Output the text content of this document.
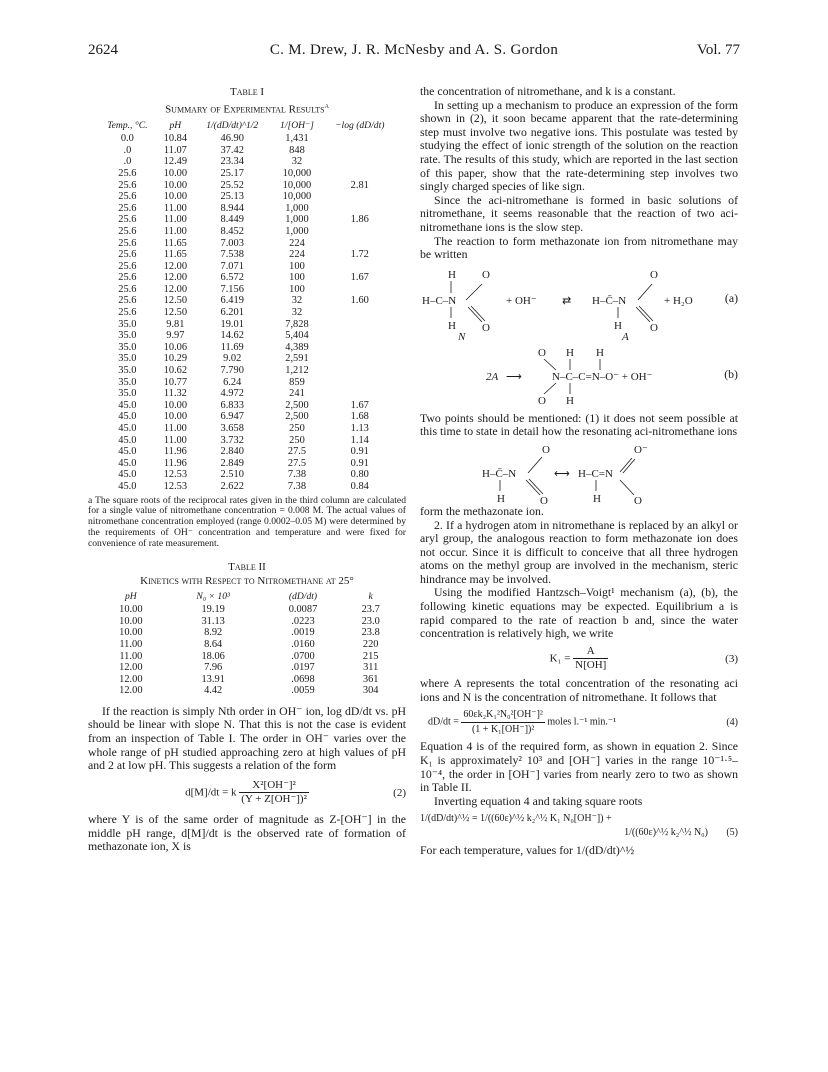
2624	C. M. Drew, J. R. McNesby and A. S. Gordon	Vol. 77
Table I
Summary of Experimental Results$^a$
Temp., °C.	pH	1/(dD/dt)^1/2	1/[OH⁻]	−log (dD/dt)
0.0	10.84	46.90	1,431	
.0	11.07	37.42	848	
.0	12.49	23.34	32	
25.6	10.00	25.17	10,000	
25.6	10.00	25.52	10,000	2.81
25.6	10.00	25.13	10,000	
25.6	11.00	8.944	1,000	
25.6	11.00	8.449	1,000	1.86
25.6	11.00	8.452	1,000	
25.6	11.65	7.003	224	
25.6	11.65	7.538	224	1.72
25.6	12.00	7.071	100	
25.6	12.00	6.572	100	1.67
25.6	12.00	7.156	100	
25.6	12.50	6.419	32	1.60
25.6	12.50	6.201	32	
35.0	9.81	19.01	7,828	
35.0	9.97	14.62	5,404	
35.0	10.06	11.69	4,389	
35.0	10.29	9.02	2,591	
35.0	10.62	7.790	1,212	
35.0	10.77	6.24	859	
35.0	11.32	4.972	241	
45.0	10.00	6.833	2,500	1.67
45.0	10.00	6.947	2,500	1.68
45.0	11.00	3.658	250	1.13
45.0	11.00	3.732	250	1.14
45.0	11.96	2.840	27.5	0.91
45.0	11.96	2.849	27.5	0.91
45.0	12.53	2.510	7.38	0.80
45.0	12.53	2.622	7.38	0.84
a The square roots of the reciprocal rates given in the third column are calculated for a single value of nitromethane concentration = 0.008 M. The actual values of nitromethane concentration employed (range 0.0002–0.05 M) were determined by the requirements of OH⁻ concentration and temperature and were fixed for convenience of rate measurement.
Table II
Kinetics with Respect to Nitromethane at 25°
pH	N₀ × 10³	(dD/dt)	k
10.00	19.19	0.0087	23.7
10.00	31.13	.0223	23.0
10.00	8.92	.0019	23.8
11.00	8.64	.0160	220
11.00	18.06	.0700	215
12.00	7.96	.0197	311
12.00	13.91	.0698	361
12.00	4.42	.0059	304

If the reaction is simply Nth order in OH⁻ ion, log dD/dt vs. pH should be linear with slope N. That this is not the case is evident from an inspection of Table I. The order in OH⁻ varies over the whole range of pH studied approaching zero at high values of pH and 2 at low pH. This suggests a relation of the form

d[M]/dt = k $\frac{\text{X²[OH⁻]²}}{\text{(Y + Z[OH⁻])²}}$	(2)

where Y is of the same order of magnitude as Z-[OH⁻] in the middle pH range, d[M]/dt is the observed rate of formation of methazonate ion, X is

the concentration of nitromethane, and k is a constant.

In setting up a mechanism to produce an expression of the form shown in (2), it soon became apparent that the rate-determining step must involve two negative ions. This postulate was tested by studying the effect of ionic strength of the solution on the reaction rate. The results of this study, which are reported in the last section of this paper, show that the rate-determining step involves two singly charged species of like sign.

Since the aci-nitromethane is formed in basic solutions of nitromethane, it seems reasonable that the reaction of two aci-nitromethane ions is the slow step.

The reaction to form methazonate ion from nitromethane may be written

H O
H–C–N
H O
N
+ OH⁻ ⇄ H–C̄–N
O
H	O
A
+ H₂O	(a)
O H H
2A ⟶	N–C–C=N–O⁻ + OH⁻
O H
(b)

Two points should be mentioned: (1) it does not seem possible at this time to state in detail how the resonating aci-nitromethane ions

O	O⁻
H–C̄–N
H	O
⟷ H–C=N
H	O

form the methazonate ion.

2. If a hydrogen atom in nitromethane is replaced by an alkyl or aryl group, the analogous reaction to form methazonate ion does not occur. Since it is difficult to conceive that all three hydrogen atoms on the methyl group are involved in the mechanism, steric hindrance may be involved.

Using the modified Hantzsch–Voigt¹ mechanism (a), (b), the following kinetic equations may be expected. Equilibrium a is rapid compared to the rate of reaction b and, since the water concentration is relatively high, we write

$K_1 = \frac{A}{N[OH]}$	(3)

where A represents the total concentration of the resonating aci ions and N is the concentration of nitromethane. It follows that

$dD/dt = \frac{\text{60εk₂K₁²N₀²[OH⁻]²}}{\text{(1 + K₁[OH⁻])²}}$ moles l.⁻¹ min.⁻¹	(4)

Equation 4 is of the required form, as shown in equation 2. Since K₁ is approximately² 10³ and [OH⁻] varies in the range 10⁻¹·⁵–10⁻⁴, the order in [OH⁻] varies from nearly zero to two as shown in Table II.

Inverting equation 4 and taking square roots

1/(dD/dt)^½ = 1/((60ε)^½ k₂^½ K₁ N₀[OH⁻]) +
1/((60ε)^½ k₂^½ N₀)	(5)

For each temperature, values for 1/(dD/dt)^½
